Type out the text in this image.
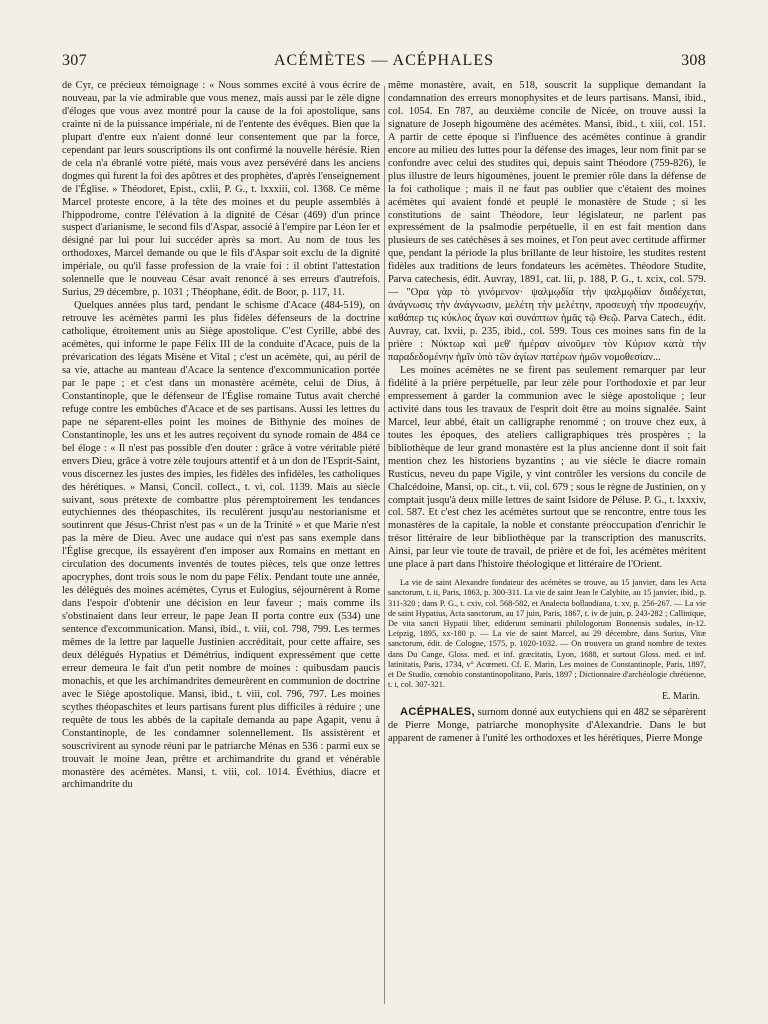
307	ACÉMÈTES — ACÉPHALES	308

de Cyr, ce précieux témoignage : « Nous sommes excité à vous écrire de nouveau, par la vie admirable que vous menez, mais aussi par le zèle digne d'éloges que vous avez montré pour la cause de la foi apostolique, sans crainte ni de la puissance impériale, ni de l'entente des évêques. Bien que la plupart d'entre eux n'aient donné leur consentement que par la force, cependant par leurs souscriptions ils ont confirmé la nouvelle hérésie. Rien de cela n'a ébranlé votre piété, mais vous avez persévéré dans les anciens dogmes qui furent la foi des apôtres et des prophètes, d'après l'enseignement de l'Église. » Théodoret, Epist., cxlii, P. G., t. lxxxiii, col. 1368. Ce même Marcel proteste encore, à la tête des moines et du peuple assemblés à l'hippodrome, contre l'élévation à la dignité de César (469) d'un prince suspect d'arianisme, le second fils d'Aspar, associé à l'empire par Léon Ier et désigné par lui pour lui succéder après sa mort. Au nom de tous les orthodoxes, Marcel demande ou que le fils d'Aspar soit exclu de la dignité impériale, ou qu'il fasse profession de la vraie foi : il obtint l'attestation solennelle que le nouveau César avait renoncé à ses erreurs d'autrefois. Surius, 29 décembre, p. 1031 ; Théophane, édit. de Boor, p. 117, 11.

Quelques années plus tard, pendant le schisme d'Acace (484-519), on retrouve les acémètes parmi les plus fidèles défenseurs de la doctrine catholique, étroitement unis au Siège apostolique. C'est Cyrille, abbé des acémètes, qui informe le pape Félix III de la conduite d'Acace, puis de la prévarication des légats Misène et Vital ; c'est un acémète, qui, au péril de sa vie, attache au manteau d'Acace la sentence d'excommunication portée par le pape ; et c'est dans un monastère acémète, celui de Dius, à Constantinople, que le défenseur de l'Église romaine Tutus avait cherché refuge contre les embûches d'Acace et de ses partisans. Aussi les lettres du pape ne séparent-elles point les moines de Bithynie des moines de Constantinople, les uns et les autres reçoivent du synode romain de 484 ce bel éloge : « Il n'est pas possible d'en douter : grâce à votre véritable piété envers Dieu, grâce à votre zèle toujours attentif et à un don de l'Esprit-Saint, vous discernez les justes des impies, les fidèles des infidèles, les catholiques des hérétiques. » Mansi, Concil. collect., t. vi, col. 1139. Mais au siècle suivant, sous prétexte de combattre plus péremptoirement les tendances eutychiennes des théopaschites, ils reculèrent jusqu'au nestorianisme et soutinrent que Jésus-Christ n'est pas « un de la Trinité » et que Marie n'est pas la mère de Dieu. Avec une audace qui n'est pas sans exemple dans l'Église grecque, ils essayèrent d'en imposer aux Romains en mettant en circulation des documents inventés de toutes pièces, tels que onze lettres apocryphes, dont trois sous le nom du pape Félix. Pendant toute une année, les délégués des moines acémètes, Cyrus et Eulogius, séjournèrent à Rome dans l'espoir d'obtenir une décision en leur faveur ; mais comme ils s'obstinaient dans leur erreur, le pape Jean II porta contre eux (534) une sentence d'excommunication. Mansi, ibid., t. viii, col. 798, 799. Les termes mêmes de la lettre par laquelle Justinien accréditait, pour cette affaire, ses deux délégués Hypatius et Démétrius, indiquent expressément que cette erreur demeura le fait d'un petit nombre de moines : quibusdam paucis monachis, et que les archimandrites demeurèrent en communion de doctrine avec le Siège apostolique. Mansi, ibid., t. viii, col. 796, 797. Les moines scythes théopaschites et leurs partisans furent plus difficiles à réduire ; une requête de tous les abbés de la capitale demanda au pape Agapit, venu à Constantinople, de les condamner solennellement. Ils assistèrent et souscrivirent au synode réuni par le patriarche Ménas en 536 : parmi eux se trouvait le moine Jean, prêtre et archimandrite du grand et vénérable monastère des acémètes. Mansi, t. viii, col. 1014. Évéthius, diacre et archimandrite du

même monastère, avait, en 518, souscrit la supplique demandant la condamnation des erreurs monophysites et de leurs partisans. Mansi, ibid., col. 1054. En 787, au deuxième concile de Nicée, on trouve aussi la signature de Joseph higoumène des acémètes. Mansi, ibid., t. xiii, col. 151. A partir de cette époque si l'influence des acémètes continue à grandir encore au milieu des luttes pour la défense des images, leur nom finit par se confondre avec celui des studites qui, depuis saint Théodore (759-826), le plus illustre de leurs higoumènes, jouent le premier rôle dans la défense de la foi catholique ; mais il ne faut pas oublier que c'étaient des moines acémètes qui avaient fondé et peuplé le monastère de Stude ; si les constitutions de saint Théodore, leur législateur, ne parlent pas expressément de la psalmodie perpétuelle, il en est fait mention dans plusieurs de ses catéchèses à ses moines, et l'on peut avec certitude affirmer que, pendant la période la plus brillante de leur histoire, les studites restent fidèles aux traditions de leurs fondateurs les acémètes. Théodore Studite, Parva catechesis, édit. Auvray, 1891, cat. lii, p. 188, P. G., t. xcix, col. 579. — "Ορα γὰρ τὸ γινόμενον· ψαλμῳδία τὴν ψαλμῳδίαν διαδέχεται, ἀνάγνωσις τὴν ἀνάγνωσιν, μελέτη τὴν μελέτην, προσευχὴ τὴν προσευχήν, καθάπερ τις κύκλος ἄγων καὶ συνάπτων ἡμᾶς τῷ Θεῷ. Parva Catech., édit. Auvray, cat. lxvii, p. 235, ibid., col. 599. Tous ces moines sans fin de la prière : Νύκτωρ καὶ μεθ' ἡμέραν αἰνοῦμεν τὸν Κύριον κατὰ τὴν παραδεδομένην ἡμῖν ὑπὸ τῶν ἁγίων πατέρων ἡμῶν νομοθεσίαν...

Les moines acémètes ne se firent pas seulement remarquer par leur fidélité à la prière perpétuelle, par leur zèle pour l'orthodoxie et par leur empressement à garder la communion avec le siège apostolique ; leur activité dans tous les travaux de l'esprit doit être au moins signalée. Saint Marcel, leur abbé, était un calligraphe renommé ; on trouve chez eux, à toutes les époques, des ateliers calligraphiques très prospères ; la bibliothèque de leur grand monastère est la plus ancienne dont il soit fait mention chez les historiens byzantins ; au vie siècle le diacre romain Rusticus, neveu du pape Vigile, y vint contrôler les versions du concile de Chalcédoine, Mansi, op. cit., t. vii, col. 679 ; sous le règne de Justinien, on y comptait jusqu'à deux mille lettres de saint Isidore de Péluse. P. G., t. lxxxiv, col. 587. Et c'est chez les acémètes surtout que se rencontre, entre tous les monastères de la capitale, la noble et constante préoccupation d'enrichir le trésor littéraire de leur bibliothèque par la transcription des manuscrits. Ainsi, par leur vie toute de travail, de prière et de foi, les acémètes méritent une place à part dans l'histoire théologique et littéraire de l'Orient.

La vie de saint Alexandre fondateur des acémètes se trouve, au 15 janvier, dans les Acta sanctorum, t. ii, Paris, 1863, p. 300-311. La vie de saint Jean le Calybite, au 15 janvier, ibid., p. 311-320 ; dans P. G., t. cxiv, col. 568-582, et Analecta bollandiana, t. xv, p. 256-267. — La vie de saint Hypatius, Acta sanctorum, au 17 juin, Paris, 1867, t. iv de juin, p. 243-282 ; Callinique, De vita sancti Hypatii liber, ediderunt seminarii philologorum Bonnensis sodales, in-12. Leipzig, 1895, xx-180 p. — La vie de saint Marcel, au 29 décembre, dans Surius, Vitæ sanctorum, édit. de Cologne, 1575, p. 1020-1032. — On trouvera un grand nombre de textes dans Du Cange, Gloss. med. et inf. græcitatis, Lyon, 1688, et surtout Gloss. med. et inf. latinitatis, Paris, 1734, v° Acœmeti. Cf. E. Marin, Les moines de Constantinople, Paris, 1897, et De Studio, cœnobio constantinopolitano, Paris, 1897 ; Dictionnaire d'archéologie chrétienne, t. i, col. 307-321.

E. Marin.

ACÉPHALES, surnom donné aux eutychiens qui en 482 se séparèrent de Pierre Monge, patriarche monophysite d'Alexandrie. Dans le but apparent de ramener à l'unité les orthodoxes et les hérétiques, Pierre Monge
